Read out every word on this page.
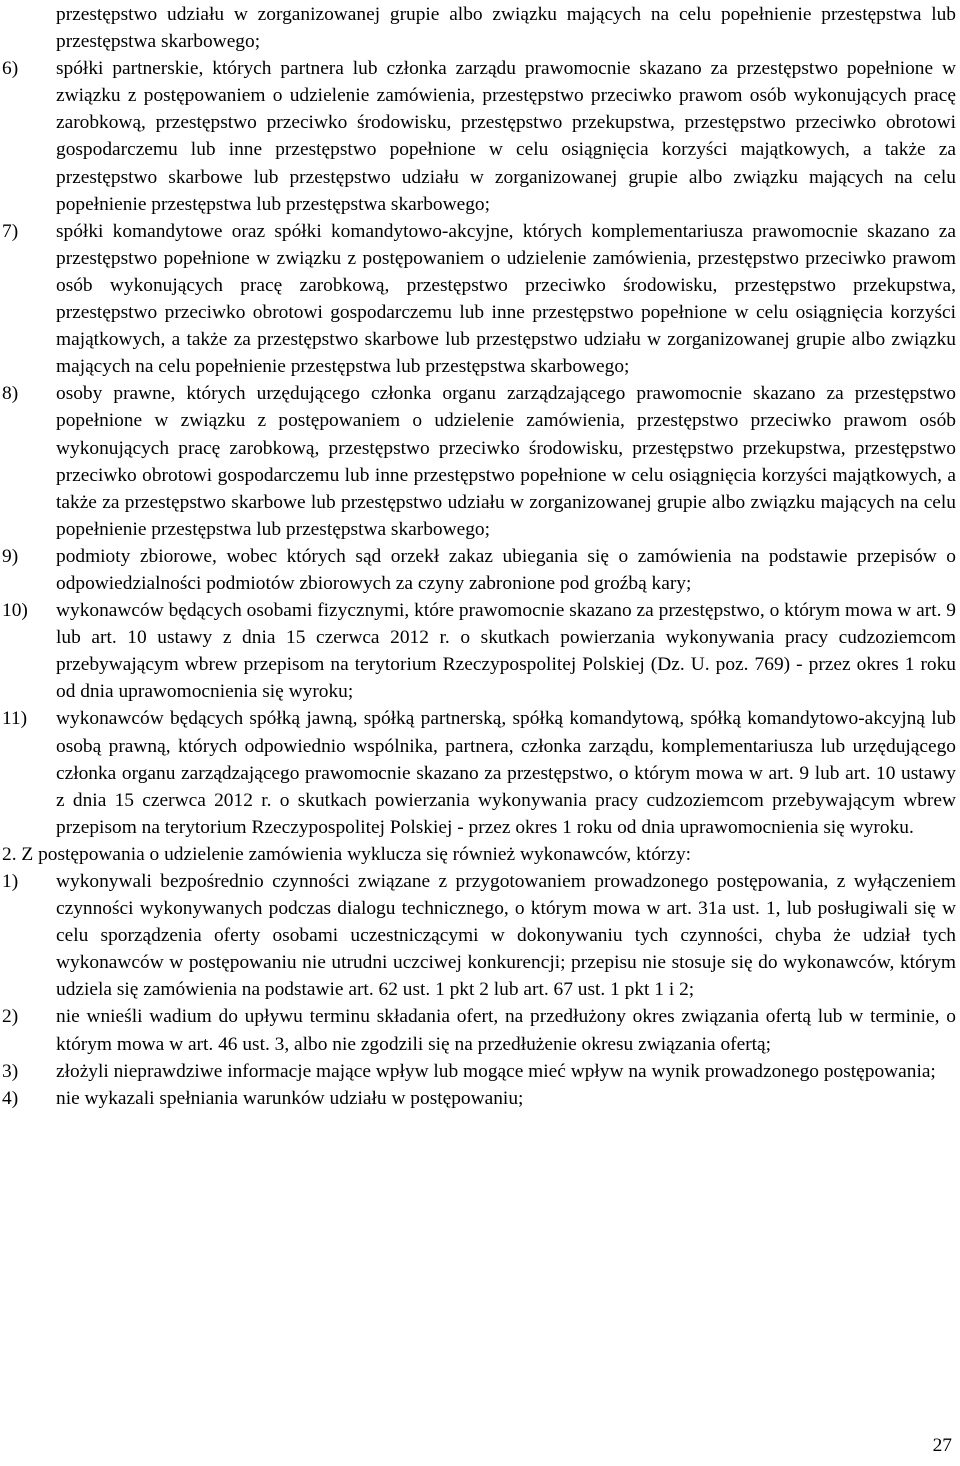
przestępstwo udziału w zorganizowanej grupie albo związku mających na celu popełnienie przestępstwa lub przestępstwa skarbowego;

6) spółki partnerskie, których partnera lub członka zarządu prawomocnie skazano za przestępstwo popełnione w związku z postępowaniem o udzielenie zamówienia, przestępstwo przeciwko prawom osób wykonujących pracę zarobkową, przestępstwo przeciwko środowisku, przestępstwo przekupstwa, przestępstwo przeciwko obrotowi gospodarczemu lub inne przestępstwo popełnione w celu osiągnięcia korzyści majątkowych, a także za przestępstwo skarbowe lub przestępstwo udziału w zorganizowanej grupie albo związku mających na celu popełnienie przestępstwa lub przestępstwa skarbowego;

7) spółki komandytowe oraz spółki komandytowo-akcyjne, których komplementariusza prawomocnie skazano za przestępstwo popełnione w związku z postępowaniem o udzielenie zamówienia, przestępstwo przeciwko prawom osób wykonujących pracę zarobkową, przestępstwo przeciwko środowisku, przestępstwo przekupstwa, przestępstwo przeciwko obrotowi gospodarczemu lub inne przestępstwo popełnione w celu osiągnięcia korzyści majątkowych, a także za przestępstwo skarbowe lub przestępstwo udziału w zorganizowanej grupie albo związku mających na celu popełnienie przestępstwa lub przestępstwa skarbowego;

8) osoby prawne, których urzędującego członka organu zarządzającego prawomocnie skazano za przestępstwo popełnione w związku z postępowaniem o udzielenie zamówienia, przestępstwo przeciwko prawom osób wykonujących pracę zarobkową, przestępstwo przeciwko środowisku, przestępstwo przekupstwa, przestępstwo przeciwko obrotowi gospodarczemu lub inne przestępstwo popełnione w celu osiągnięcia korzyści majątkowych, a także za przestępstwo skarbowe lub przestępstwo udziału w zorganizowanej grupie albo związku mających na celu popełnienie przestępstwa lub przestępstwa skarbowego;

9) podmioty zbiorowe, wobec których sąd orzekł zakaz ubiegania się o zamówienia na podstawie przepisów o odpowiedzialności podmiotów zbiorowych za czyny zabronione pod groźbą kary;

10) wykonawców będących osobami fizycznymi, które prawomocnie skazano za przestępstwo, o którym mowa w art. 9 lub art. 10 ustawy z dnia 15 czerwca 2012 r. o skutkach powierzania wykonywania pracy cudzoziemcom przebywającym wbrew przepisom na terytorium Rzeczypospolitej Polskiej (Dz. U. poz. 769) - przez okres 1 roku od dnia uprawomocnienia się wyroku;

11) wykonawców będących spółką jawną, spółką partnerską, spółką komandytową, spółką komandytowo-akcyjną lub osobą prawną, których odpowiednio wspólnika, partnera, członka zarządu, komplementariusza lub urzędującego członka organu zarządzającego prawomocnie skazano za przestępstwo, o którym mowa w art. 9 lub art. 10 ustawy z dnia 15 czerwca 2012 r. o skutkach powierzania wykonywania pracy cudzoziemcom przebywającym wbrew przepisom na terytorium Rzeczypospolitej Polskiej - przez okres 1 roku od dnia uprawomocnienia się wyroku.

2. Z postępowania o udzielenie zamówienia wyklucza się również wykonawców, którzy:

1) wykonywali bezpośrednio czynności związane z przygotowaniem prowadzonego postępowania, z wyłączeniem czynności wykonywanych podczas dialogu technicznego, o którym mowa w art. 31a ust. 1, lub posługiwali się w celu sporządzenia oferty osobami uczestniczącymi w dokonywaniu tych czynności, chyba że udział tych wykonawców w postępowaniu nie utrudni uczciwej konkurencji; przepisu nie stosuje się do wykonawców, którym udziela się zamówienia na podstawie art. 62 ust. 1 pkt 2 lub art. 67 ust. 1 pkt 1 i 2;

2) nie wnieśli wadium do upływu terminu składania ofert, na przedłużony okres związania ofertą lub w terminie, o którym mowa w art. 46 ust. 3, albo nie zgodzili się na przedłużenie okresu związania ofertą;

3) złożyli nieprawdziwe informacje mające wpływ lub mogące mieć wpływ na wynik prowadzonego postępowania;

4) nie wykazali spełniania warunków udziału w postępowaniu;

27
